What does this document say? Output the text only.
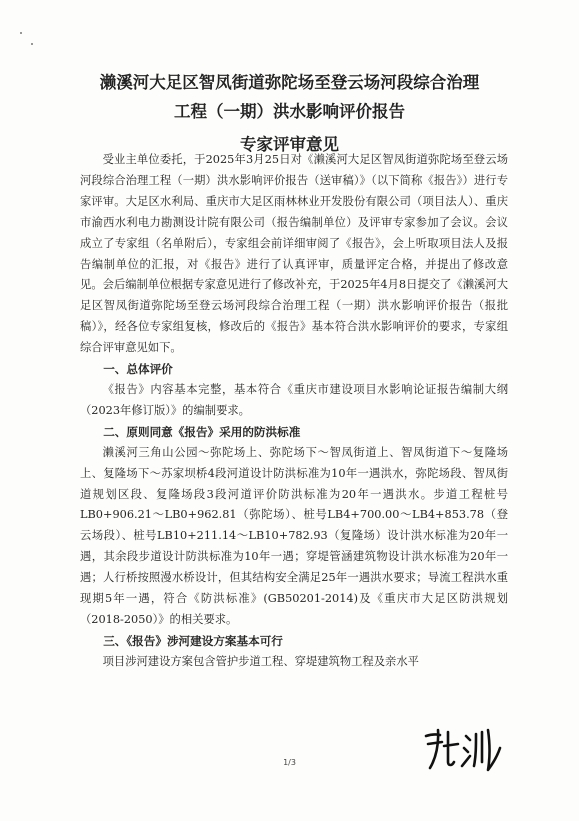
濑溪河大足区智凤街道弥陀场至登云场河段综合治理
工程（一期）洪水影响评价报告
专家评审意见

受业主单位委托，于2025年3月25日对《濑溪河大足区智凤街道弥陀场至登云场河段综合治理工程（一期）洪水影响评价报告（送审稿）》（以下简称《报告》）进行专家评审。大足区水利局、重庆市大足区雨林林业开发股份有限公司（项目法人）、重庆市渝西水利电力勘测设计院有限公司（报告编制单位）及评审专家参加了会议。会议成立了专家组（名单附后），专家组会前详细审阅了《报告》，会上听取项目法人及报告编制单位的汇报，对《报告》进行了认真评审，质量评定合格，并提出了修改意见。会后编制单位根据专家意见进行了修改补充，于2025年4月8日提交了《濑溪河大足区智凤街道弥陀场至登云场河段综合治理工程（一期）洪水影响评价报告（报批稿）》，经各位专家组复核，修改后的《报告》基本符合洪水影响评价的要求，专家组综合评审意见如下。

一、总体评价

《报告》内容基本完整，基本符合《重庆市建设项目水影响论证报告编制大纲（2023年修订版）》的编制要求。

二、原则同意《报告》采用的防洪标准

濑溪河三角山公园～弥陀场上、弥陀场下～智凤街道上、智凤街道下～复隆场上、复隆场下～苏家坝桥4段河道设计防洪标准为10年一遇洪水，弥陀场段、智凤街道规划区段、复隆场段3段河道评价防洪标准为20年一遇洪水。步道工程桩号LB0+906.21～LB0+962.81（弥陀场）、桩号LB4+700.00～LB4+853.78（登云场段）、桩号LB10+211.14～LB10+782.93（复隆场）设计洪水标准为20年一遇，其余段步道设计防洪标准为10年一遇；穿堤管涵建筑物设计洪水标准为20年一遇；人行桥按照漫水桥设计，但其结构安全满足25年一遇洪水要求；导流工程洪水重现期5年一遇，符合《防洪标准》(GB50201-2014)及《重庆市大足区防洪规划（2018-2050）》的相关要求。

三、《报告》涉河建设方案基本可行

项目涉河建设方案包含管护步道工程、穿堤建筑物工程及亲水平

1/3
